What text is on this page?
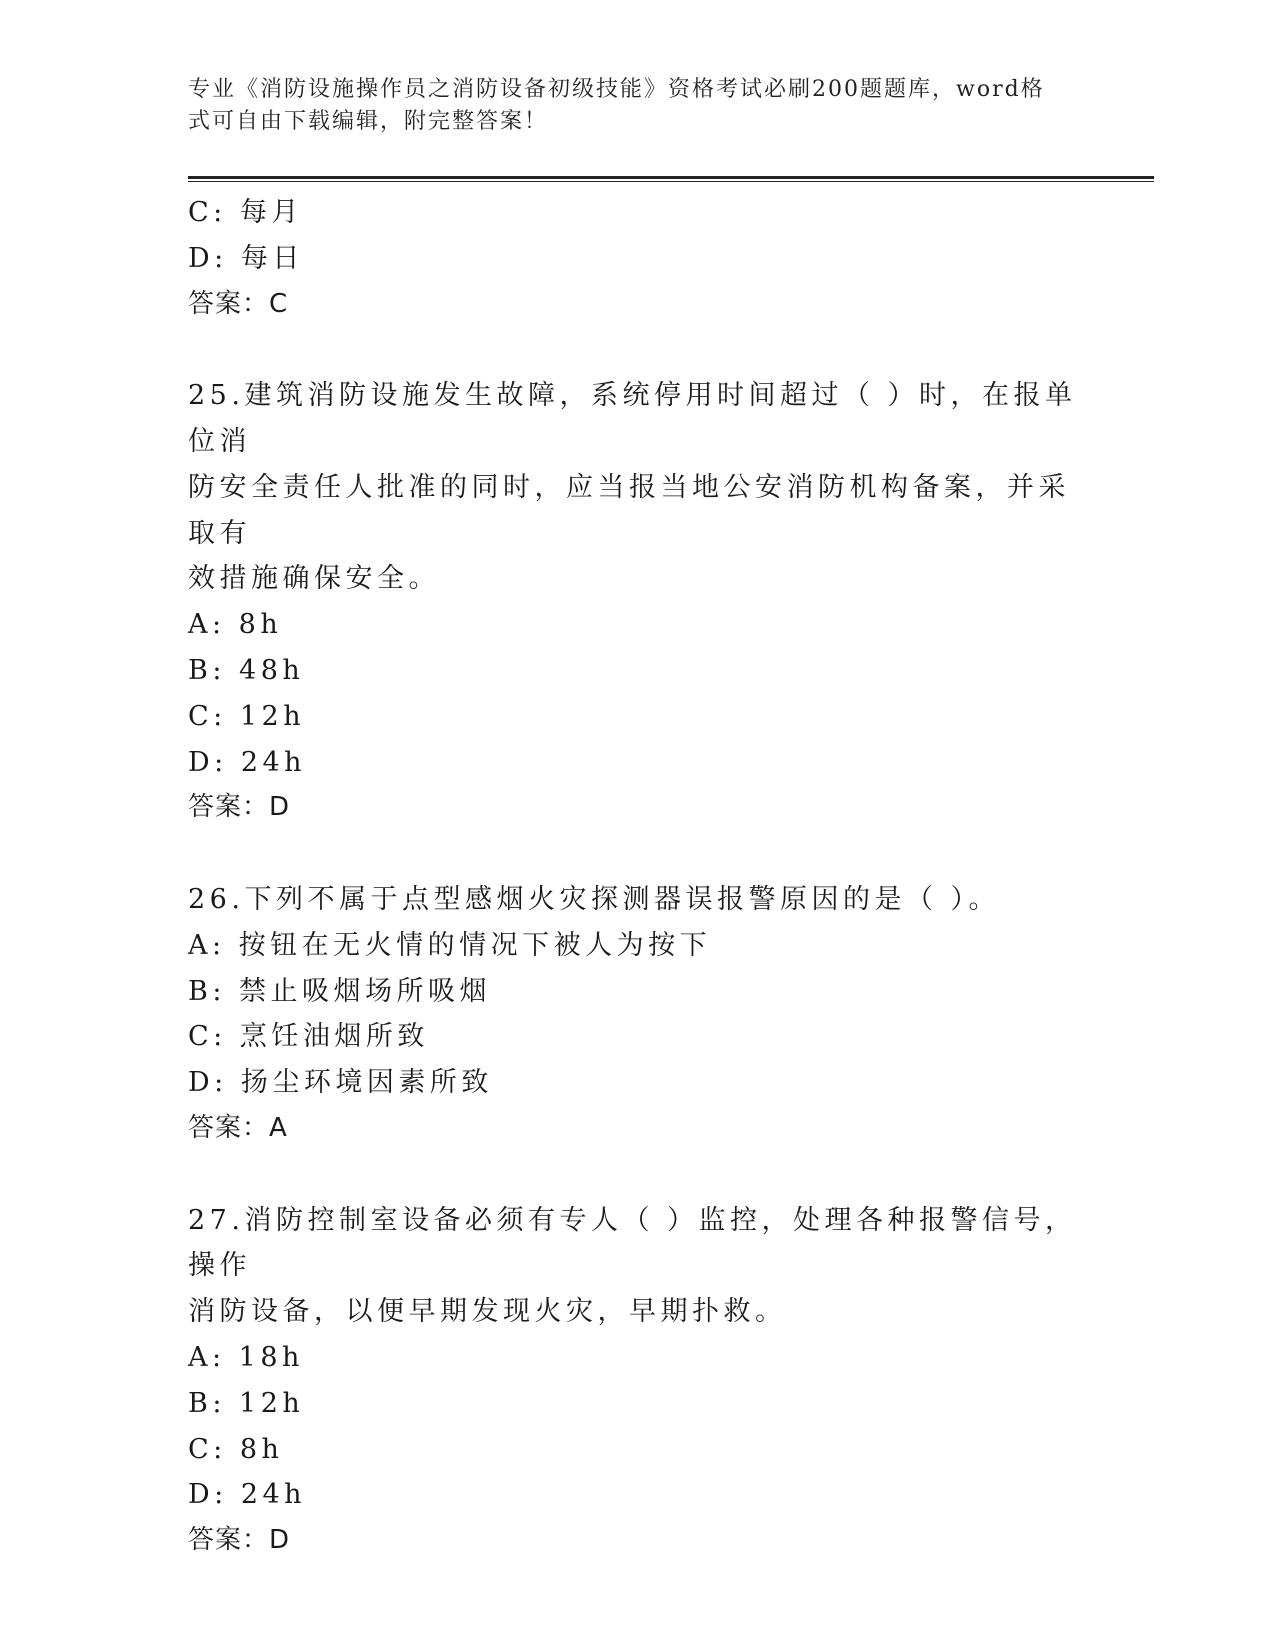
专业《消防设施操作员之消防设备初级技能》资格考试必刷200题题库，word格
式可自由下载编辑，附完整答案！
C: 每月
D: 每日
答案：C
25.建筑消防设施发生故障，系统停用时间超过（ ）时，在报单位消
防安全责任人批准的同时，应当报当地公安消防机构备案，并采取有
效措施确保安全。
A: 8h
B: 48h
C: 12h
D: 24h
答案：D
26.下列不属于点型感烟火灾探测器误报警原因的是（ ）。
A: 按钮在无火情的情况下被人为按下
B: 禁止吸烟场所吸烟
C: 烹饪油烟所致
D: 扬尘环境因素所致
答案：A
27.消防控制室设备必须有专人（ ）监控，处理各种报警信号，操作
消防设备，以便早期发现火灾，早期扑救。
A: 18h
B: 12h
C: 8h
D: 24h
答案：D
